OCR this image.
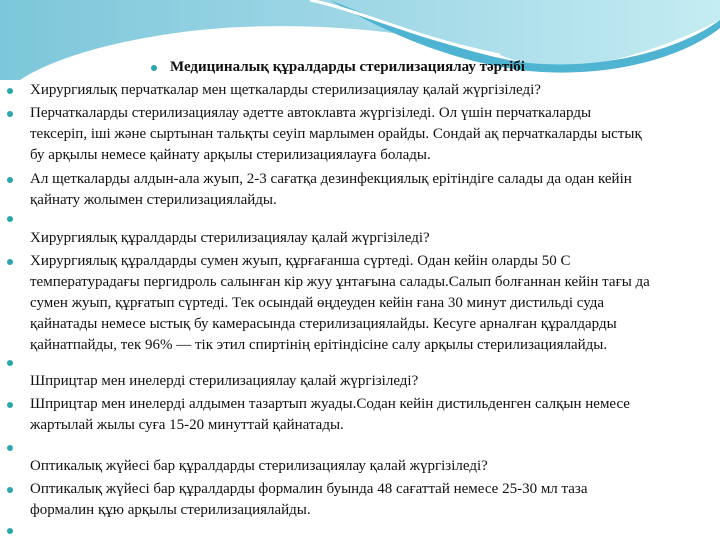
Медициналық құралдарды стерилизациялау тәртібі
Хирургиялық перчаткалар мен щеткаларды стерилизациялау қалай жүргізіледі?
Перчаткаларды стерилизациялау әдетте автоклавта жүргізіледі. Ол үшін перчаткаларды
тексеріп, іші және сыртынан тальқты сеуіп марлымен орайды. Сондай ақ перчаткаларды ыстық
бу арқылы немесе қайнату арқылы стерилизациялауға болады.
Ал щеткаларды алдын-ала жуып, 2-3 сағатқа дезинфекциялық ерітіндіге салады да одан кейін
қайнату жолымен стерилизациялайды.
Хирургиялық құралдарды стерилизациялау қалай жүргізіледі?
Хирургиялық құралдарды сумен жуып, құрғағанша сүртеді. Одан кейін оларды 50 С
температурадағы пергидроль салынған кір жуу ұнтағына салады.Салып болғаннан кейін тағы да
сумен жуып, құрғатып сүртеді. Тек осындай өңдеуден кейін ғана 30 минут дистильді суда
қайнатады немесе ыстық бу камерасында стерилизациялайды. Кесуге арналған құралдарды
қайнатпайды, тек 96% — тік этил спиртінің ерітіндісіне салу арқылы стерилизациялайды.
Шприцтар мен инелерді стерилизациялау қалай жүргізіледі?
Шприцтар мен инелерді алдымен тазартып жуады.Содан кейін дистильденген салқын немесе
жартылай жылы суға 15-20 минуттай қайнатады.
Оптикалық жүйесі бар құралдарды стерилизациялау қалай жүргізіледі?
Оптикалық жүйесі бар құралдарды формалин буында 48 сағаттай немесе 25-30 мл таза
формалин құю арқылы стерилизациялайды.
